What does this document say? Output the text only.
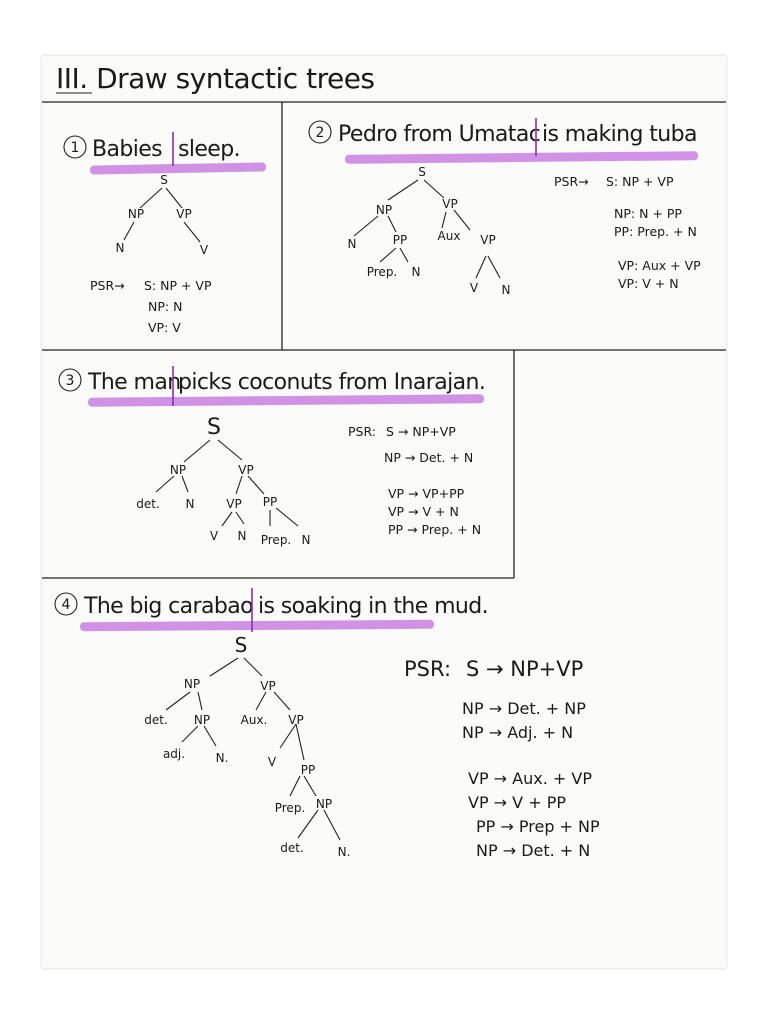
III. Draw syntactic trees
1 Babies sleep.
S
NP	VP
N	V
PSR→ S: NP + VP
NP: N
VP: V
2 Pedro from Umatac is making tuba
S
NP	VP
N	PP	Aux VP
Prep. N
V N
PSR→ S: NP + VP
NP: N + PP
PP: Prep. + N
VP: Aux + VP
VP: V + N
3 The man
picks coconuts from Inarajan.
S
NP	VP
det. N	VP PP
V N Prep. N
PSR: S → NP+VP
NP → Det. + N
VP → VP+PP
VP → V + N
PP → Prep. + N
4 The big carabao is soaking in the mud.
S
NP	VP
det. NP	Aux. VP
adj.	N.	V
PP
Prep. NP
det.	N.
PSR: S → NP+VP
NP → Det. + NP
NP → Adj. + N
VP → Aux. + VP
VP → V + PP
PP → Prep + NP
NP → Det. + N
